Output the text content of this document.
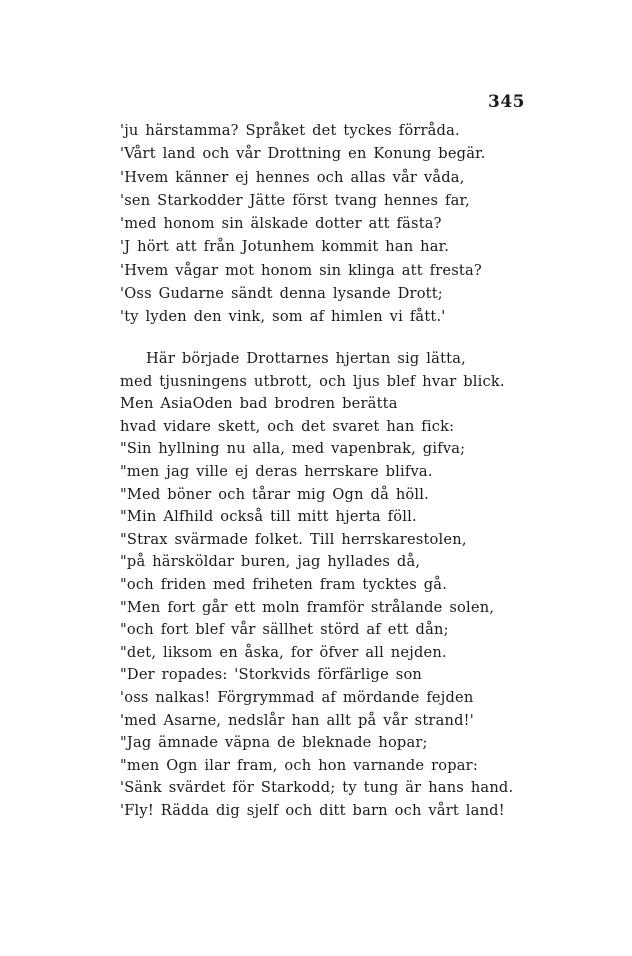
345
'ju härstamma? Språket det tyckes förråda.
'Vårt land och vår Drottning en Konung begär.
'Hvem känner ej hennes och allas vår våda,
'sen Starkodder Jätte först tvang hennes far,
'med honom sin älskade dotter att fästa?
'J hört att från Jotunhem kommit han har.
'Hvem vågar mot honom sin klinga att fresta?
'Oss Gudarne sändt denna lysande Drott;
'ty lyden den vink, som af himlen vi fått.'
Här började Drottarnes hjertan sig lätta,
med tjusningens utbrott, och ljus blef hvar blick.
Men AsiaOden bad brodren berätta
hvad vidare skett, och det svaret han fick:
"Sin hyllning nu alla, med vapenbrak, gifva;
"men jag ville ej deras herrskare blifva.
"Med böner och tårar mig Ogn då höll.
"Min Alfhild också till mitt hjerta föll.
"Strax svärmade folket. Till herrskarestolen,
"på härsköldar buren, jag hyllades då,
"och friden med friheten fram tycktes gå.
"Men fort går ett moln framför strålande solen,
"och fort blef vår sällhet störd af ett dån;
"det, liksom en åska, for öfver all nejden.
"Der ropades: 'Storkvids förfärlige son
'oss nalkas! Förgrymmad af mördande fejden
'med Asarne, nedslår han allt på vår strand!'
"Jag ämnade väpna de bleknade hopar;
"men Ogn ilar fram, och hon varnande ropar:
'Sänk svärdet för Starkodd; ty tung är hans hand.
'Fly! Rädda dig sjelf och ditt barn och vårt land!
